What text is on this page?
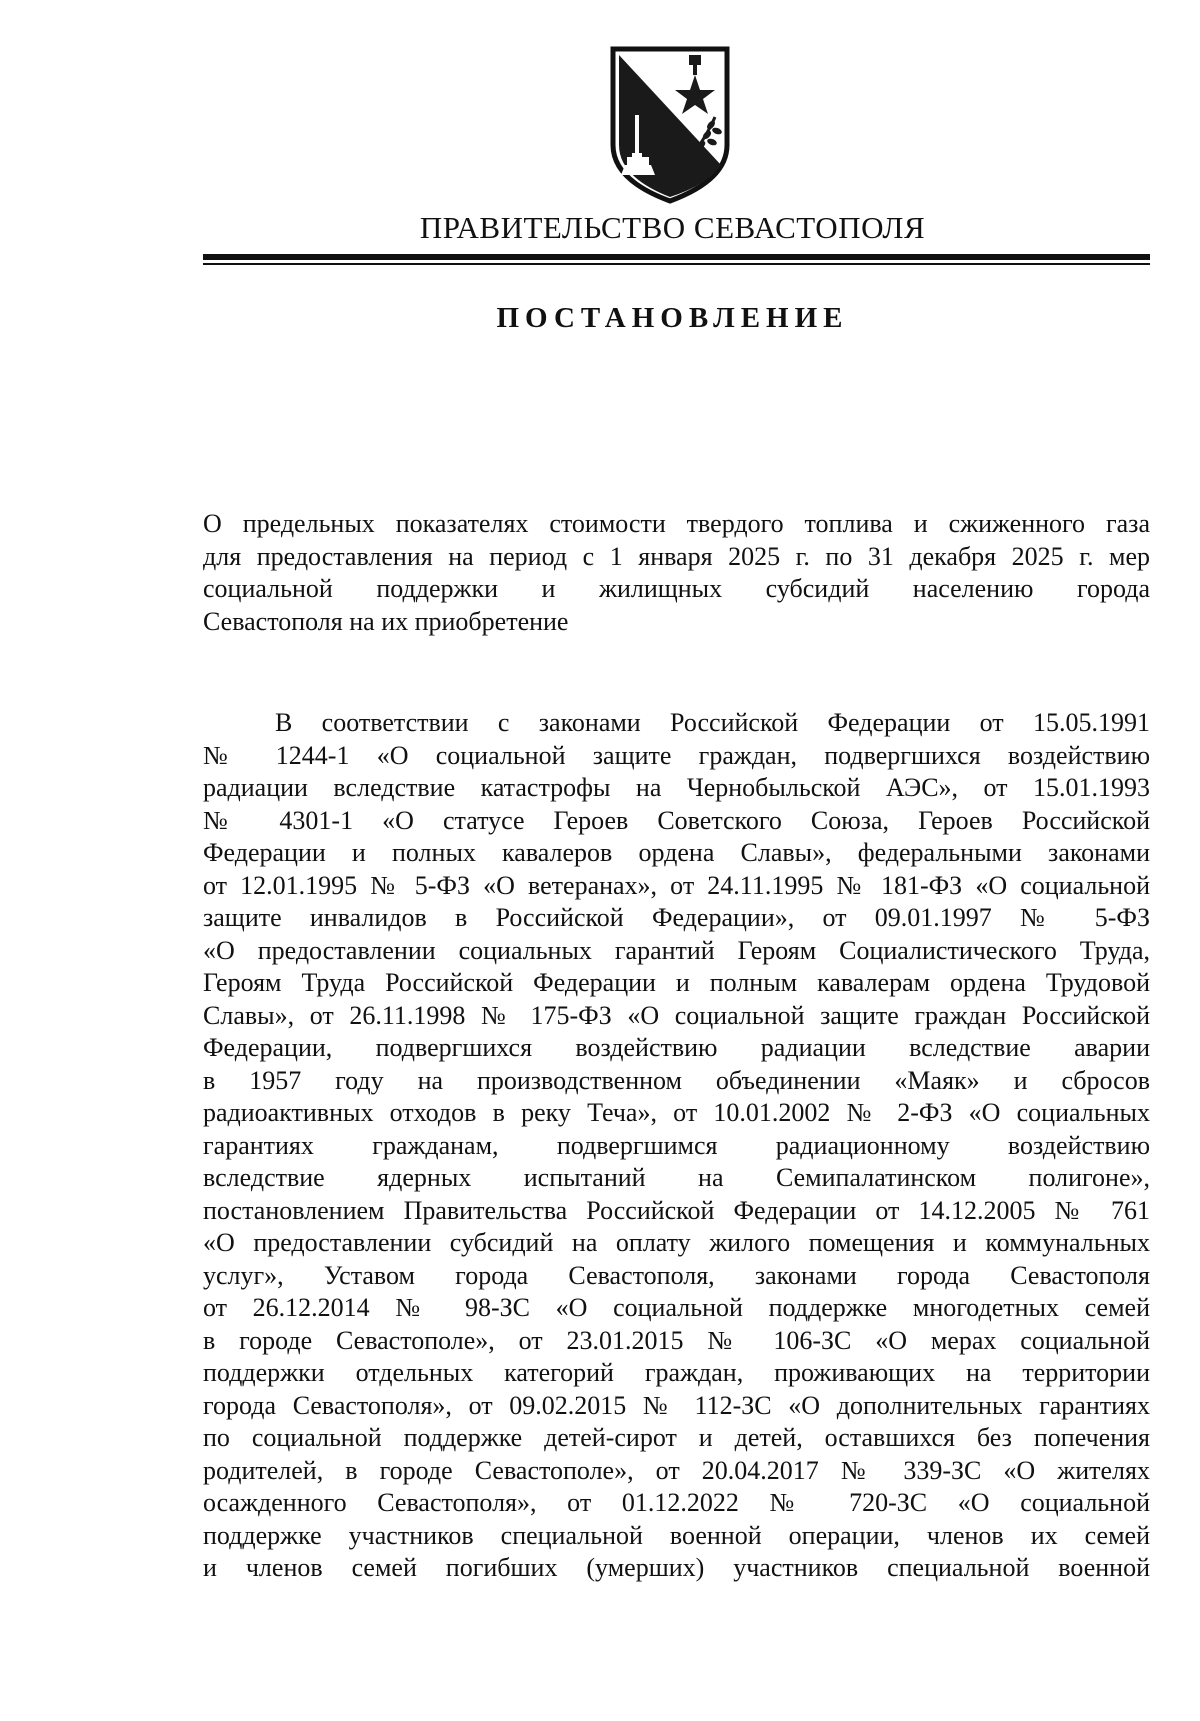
ПРАВИТЕЛЬСТВО СЕВАСТОПОЛЯ
ПОСТАНОВЛЕНИЕ
О предельных показателях стоимости твердого топлива и сжиженного газа
для предоставления на период с 1 января 2025 г. по 31 декабря 2025 г. мер
социальной поддержки и жилищных субсидий населению города
Севастополя на их приобретение
В соответствии с законами Российской Федерации от 15.05.1991
№ 1244-1 «О социальной защите граждан, подвергшихся воздействию
радиации вследствие катастрофы на Чернобыльской АЭС», от 15.01.1993
№ 4301-1 «О статусе Героев Советского Союза, Героев Российской
Федерации и полных кавалеров ордена Славы», федеральными законами
от 12.01.1995 № 5-ФЗ «О ветеранах», от 24.11.1995 № 181-ФЗ «О социальной
защите инвалидов в Российской Федерации», от 09.01.1997 № 5-ФЗ
«О предоставлении социальных гарантий Героям Социалистического Труда,
Героям Труда Российской Федерации и полным кавалерам ордена Трудовой
Славы», от 26.11.1998 № 175-ФЗ «О социальной защите граждан Российской
Федерации, подвергшихся воздействию радиации вследствие аварии
в 1957 году на производственном объединении «Маяк» и сбросов
радиоактивных отходов в реку Теча», от 10.01.2002 № 2-ФЗ «О социальных
гарантиях гражданам, подвергшимся радиационному воздействию
вследствие ядерных испытаний на Семипалатинском полигоне»,
постановлением Правительства Российской Федерации от 14.12.2005 № 761
«О предоставлении субсидий на оплату жилого помещения и коммунальных
услуг», Уставом города Севастополя, законами города Севастополя
от 26.12.2014 № 98-ЗС «О социальной поддержке многодетных семей
в городе Севастополе», от 23.01.2015 № 106-ЗС «О мерах социальной
поддержки отдельных категорий граждан, проживающих на территории
города Севастополя», от 09.02.2015 № 112-ЗС «О дополнительных гарантиях
по социальной поддержке детей-сирот и детей, оставшихся без попечения
родителей, в городе Севастополе», от 20.04.2017 № 339-ЗС «О жителях
осажденного Севастополя», от 01.12.2022 № 720-ЗС «О социальной
поддержке участников специальной военной операции, членов их семей
и членов семей погибших (умерших) участников специальной военной
